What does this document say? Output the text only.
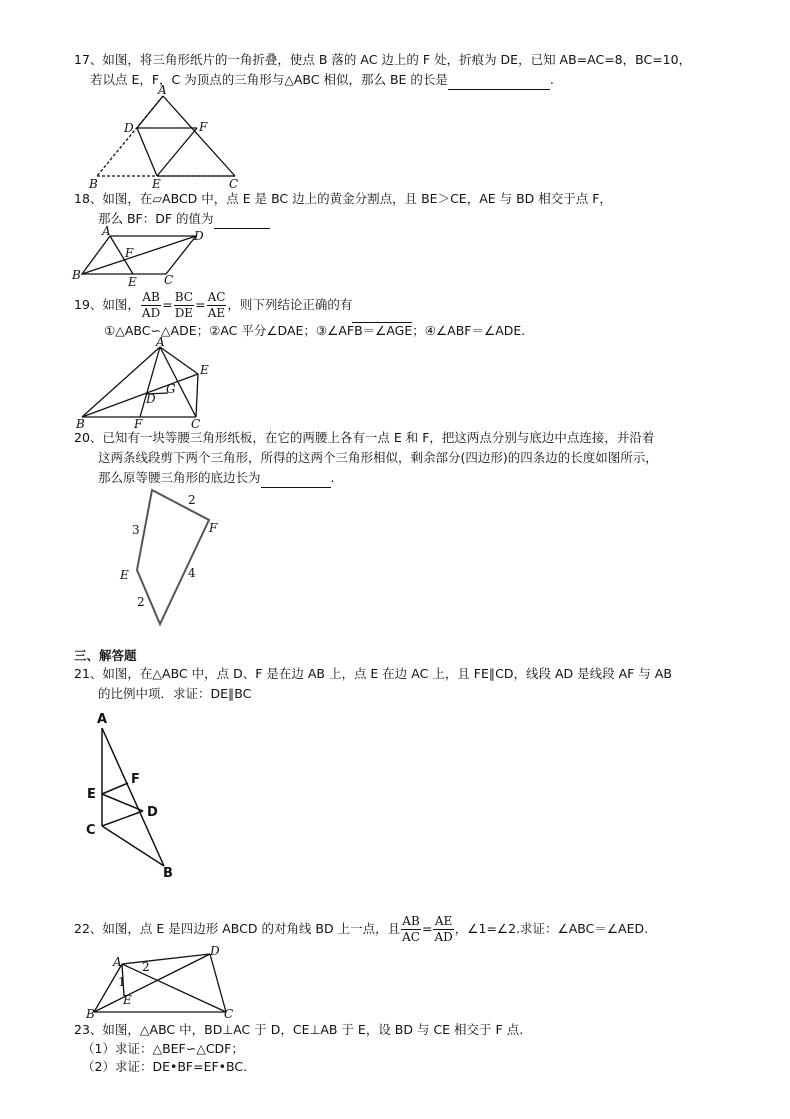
17、如图，将三角形纸片的一角折叠，使点 B 落的 AC 边上的 F 处，折痕为 DE，已知 AB=AC=8，BC=10，
若以点 E，F，C 为顶点的三角形与△ABC 相似，那么 BE 的长是	.
A
D	F
B	E	C
18、如图，在▱ABCD 中，点 E 是 BC 边上的黄金分割点，且 BE＞CE，AE 与 BD 相交于点 F，
那么 BF：DF 的值为
A	D
F
B	E C
19、如图， $\frac{AB}{AD} = \frac{BC}{DE} = \frac{AC}{AE}$ ，则下列结论正确的有
①△ABC∽△ADE；②AC 平分∠DAE；③∠AFB＝∠AGE；④∠ABF＝∠ADE.
A
E
G
D
B	F	C
20、已知有一块等腰三角形纸板，在它的两腰上各有一点 E 和 F，把这两点分别与底边中点连接，并沿着
这两条线段剪下两个三角形，所得的这两个三角形相似，剩余部分(四边形)的四条边的长度如图所示，
那么原等腰三角形的底边长为	.
3
2
F
4
E
2
三、解答题
21、如图，在△ABC 中，点 D、F 是在边 AB 上，点 E 在边 AC 上，且 FE∥CD，线段 AD 是线段 AF 与 AB
的比例中项．求证：DE∥BC
A
F
E
D
C
B
22、如图，点 E 是四边形 ABCD 的对角线 BD 上一点，且 $\frac{AB}{AC} = \frac{AE}{AD}$ ，∠1=∠2.求证：∠ABC＝∠AED.
A
D
2
1
E
B	C
23、如图，△ABC 中，BD⊥AC 于 D，CE⊥AB 于 E，设 BD 与 CE 相交于 F 点.
（1）求证：△BEF∽△CDF；
（2）求证：DE•BF=EF•BC.
